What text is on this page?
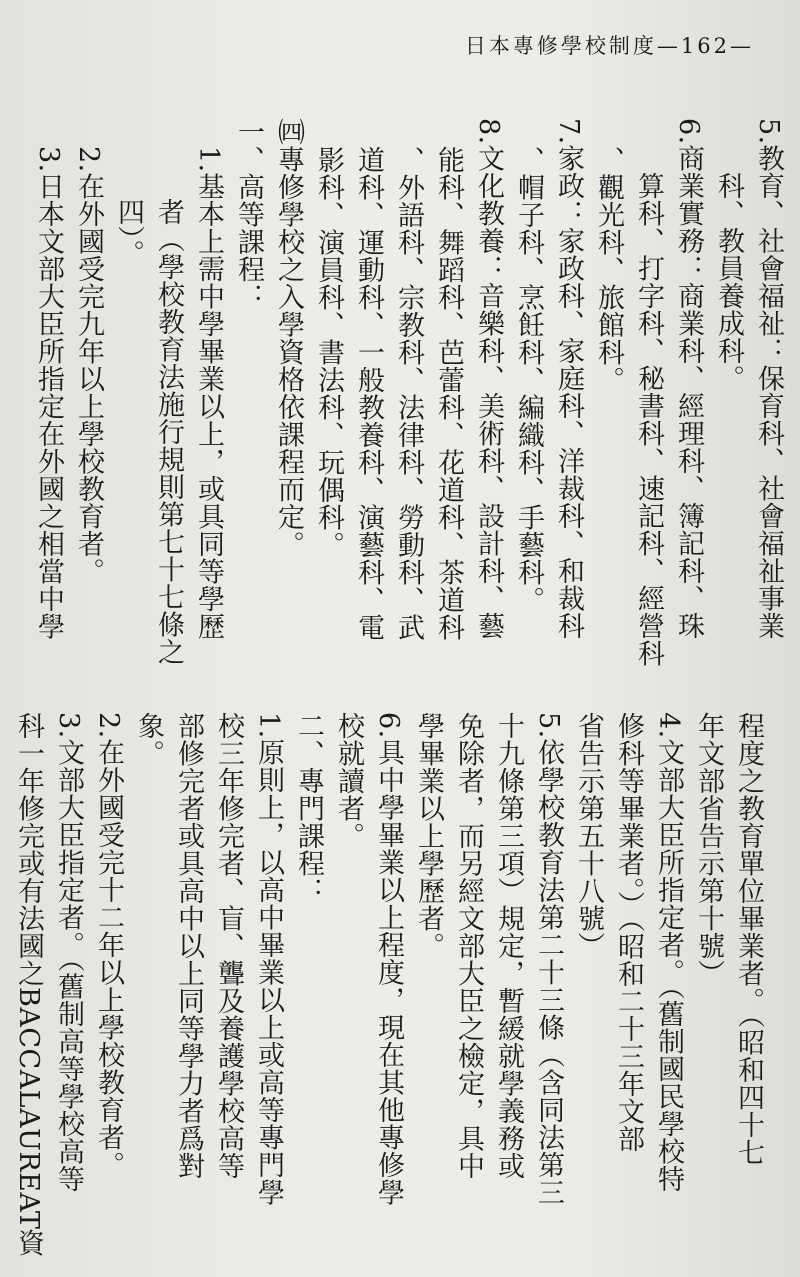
日本專修學校制度—162—
5.教育、社會福祉：保育科、社會福祉事業
科、教員養成科。
6.商業實務：商業科、經理科、簿記科、珠
算科、打字科、秘書科、速記科、經營科
、觀光科、旅館科。
7.家政：家政科、家庭科、洋裁科、和裁科
、帽子科、烹飪科、編織科、手藝科。
8.文化教養：音樂科、美術科、設計科、藝
能科、舞蹈科、芭蕾科、花道科、茶道科
、外語科、宗教科、法律科、勞動科、武
道科、運動科、一般教養科、演藝科、電
影科、演員科、書法科、玩偶科。
㈣專修學校之入學資格依課程而定。
一、高等課程：
1.基本上需中學畢業以上，或具同等學歷
者（學校教育法施行規則第七十七條之
四）。
2.在外國受完九年以上學校教育者。
3.日本文部大臣所指定在外國之相當中學
程度之教育單位畢業者。（昭和四十七
年文部省告示第十號）
4.文部大臣所指定者。（舊制國民學校特
修科等畢業者。）（昭和二十三年文部
省告示第五十八號）
5.依學校教育法第二十三條（含同法第三
十九條第三項）規定，暫緩就學義務或
免除者，而另經文部大臣之檢定，具中
學畢業以上學歷者。
6.具中學畢業以上程度，現在其他專修學
校就讀者。
二、專門課程：
1.原則上，以高中畢業以上或高等專門學
校三年修完者、盲、聾及養護學校高等
部修完者或具高中以上同等學力者爲對
象。
2.在外國受完十二年以上學校教育者。
3.文部大臣指定者。（舊制高等學校高等
科一年修完或有法國之BACCALAUREAT資
